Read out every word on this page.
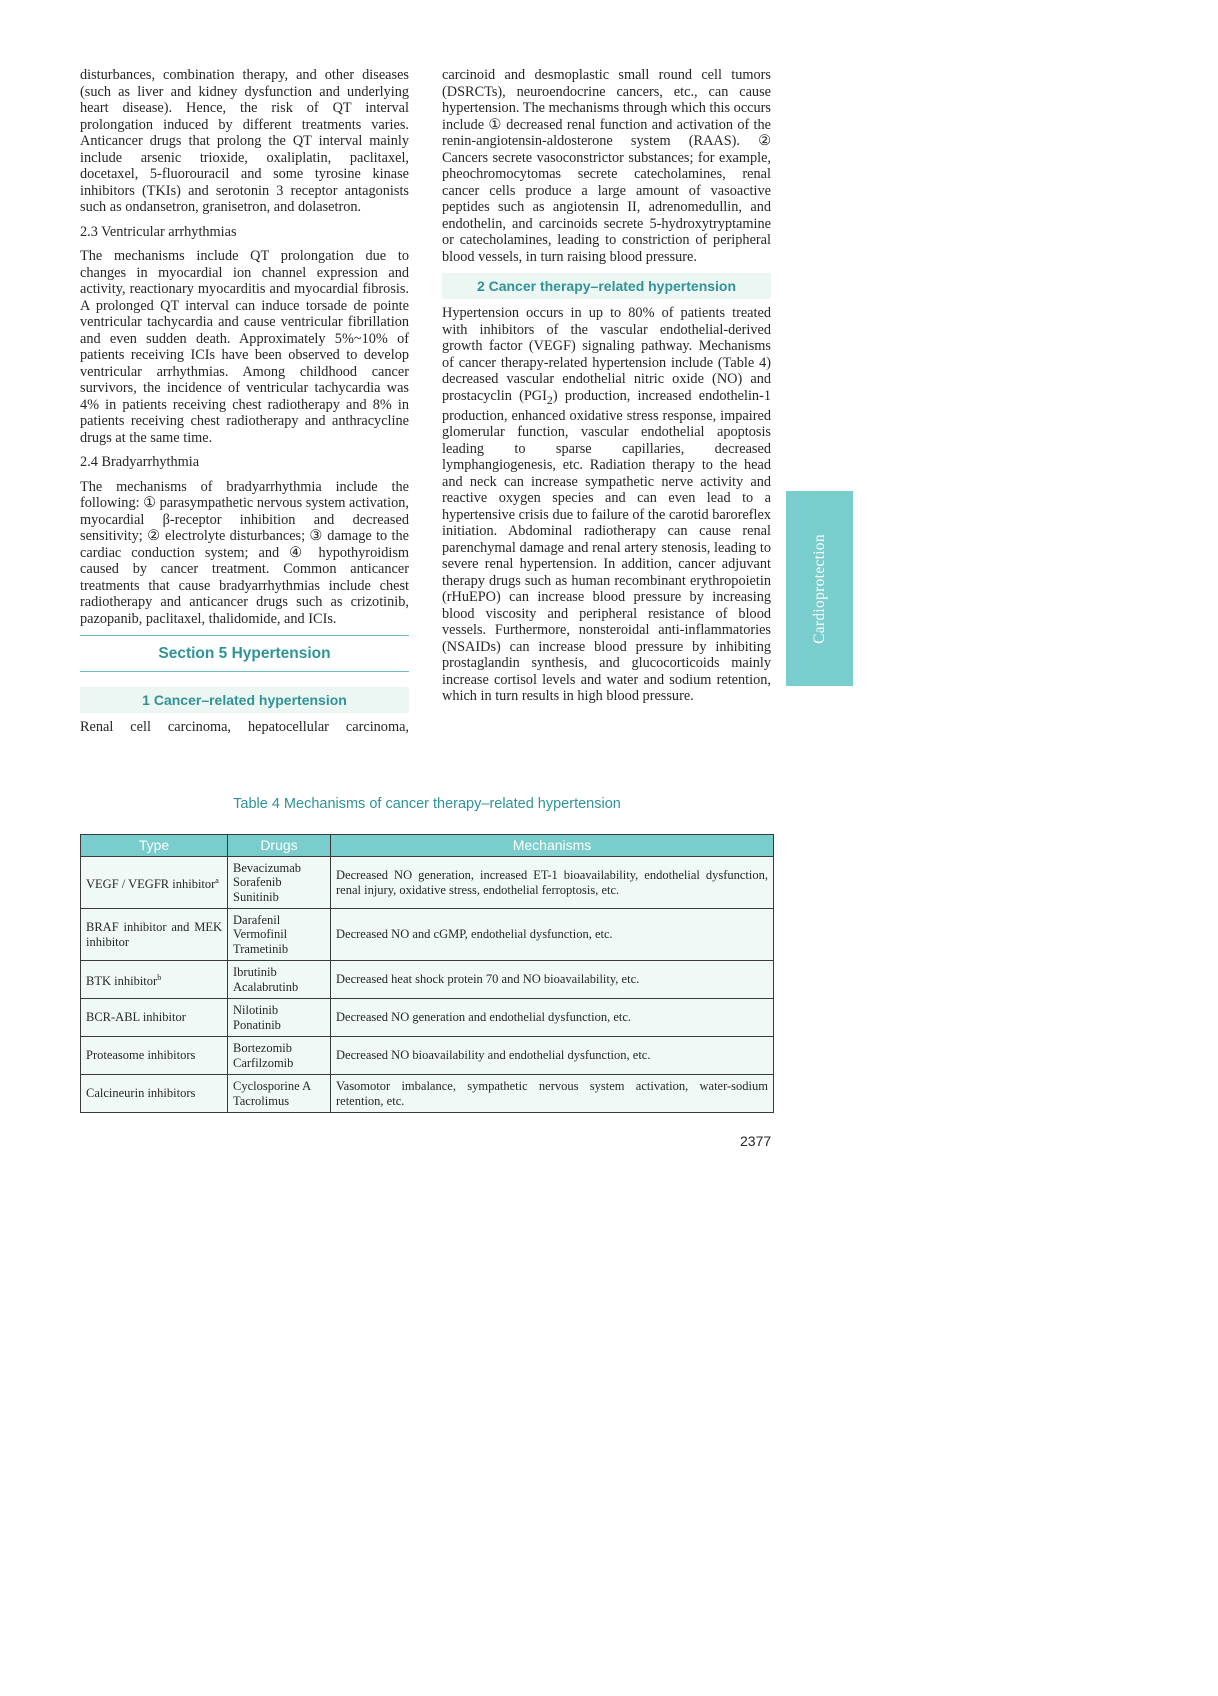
disturbances, combination therapy, and other diseases (such as liver and kidney dysfunction and underlying heart disease). Hence, the risk of QT interval prolongation induced by different treatments varies. Anticancer drugs that prolong the QT interval mainly include arsenic trioxide, oxaliplatin, paclitaxel, docetaxel, 5-fluorouracil and some tyrosine kinase inhibitors (TKIs) and serotonin 3 receptor antagonists such as ondansetron, granisetron, and dolasetron.

2.3 Ventricular arrhythmias

The mechanisms include QT prolongation due to changes in myocardial ion channel expression and activity, reactionary myocarditis and myocardial fibrosis. A prolonged QT interval can induce torsade de pointe ventricular tachycardia and cause ventricular fibrillation and even sudden death. Approximately 5%~10% of patients receiving ICIs have been observed to develop ventricular arrhythmias. Among childhood cancer survivors, the incidence of ventricular tachycardia was 4% in patients receiving chest radiotherapy and 8% in patients receiving chest radiotherapy and anthracycline drugs at the same time.

2.4 Bradyarrhythmia

The mechanisms of bradyarrhythmia include the following: ① parasympathetic nervous system activation, myocardial β-receptor inhibition and decreased sensitivity; ② electrolyte disturbances; ③ damage to the cardiac conduction system; and ④ hypothyroidism caused by cancer treatment. Common anticancer treatments that cause bradyarrhythmias include chest radiotherapy and anticancer drugs such as crizotinib, pazopanib, paclitaxel, thalidomide, and ICIs.

Section 5 Hypertension
1 Cancer–related hypertension

Renal cell carcinoma, hepatocellular carcinoma,

carcinoid and desmoplastic small round cell tumors (DSRCTs), neuroendocrine cancers, etc., can cause hypertension. The mechanisms through which this occurs include ① decreased renal function and activation of the renin-angiotensin-aldosterone system (RAAS). ② Cancers secrete vasoconstrictor substances; for example, pheochromocytomas secrete catecholamines, renal cancer cells produce a large amount of vasoactive peptides such as angiotensin II, adrenomedullin, and endothelin, and carcinoids secrete 5-hydroxytryptamine or catecholamines, leading to constriction of peripheral blood vessels, in turn raising blood pressure.

2 Cancer therapy–related hypertension

Hypertension occurs in up to 80% of patients treated with inhibitors of the vascular endothelial-derived growth factor (VEGF) signaling pathway. Mechanisms of cancer therapy-related hypertension include (Table 4) decreased vascular endothelial nitric oxide (NO) and prostacyclin $(PGI_2)$ production, increased endothelin-1 production, enhanced oxidative stress response, impaired glomerular function, vascular endothelial apoptosis leading to sparse capillaries, decreased lymphangiogenesis, etc. Radiation therapy to the head and neck can increase sympathetic nerve activity and reactive oxygen species and can even lead to a hypertensive crisis due to failure of the carotid baroreflex initiation. Abdominal radiotherapy can cause renal parenchymal damage and renal artery stenosis, leading to severe renal hypertension. In addition, cancer adjuvant therapy drugs such as human recombinant erythropoietin (rHuEPO) can increase blood pressure by increasing blood viscosity and peripheral resistance of blood vessels. Furthermore, nonsteroidal anti-inflammatories (NSAIDs) can increase blood pressure by inhibiting prostaglandin synthesis, and glucocorticoids mainly increase cortisol levels and water and sodium retention, which in turn results in high blood pressure.

Cardioprotection
Table 4 Mechanisms of cancer therapy–related hypertension
Type	Drugs	Mechanisms
VEGF / VEGFR inhibitor$^a$	Bevacizumab
Sorafenib
Sunitinib	Decreased NO generation, increased ET-1 bioavailability, endothelial dysfunction, renal injury, oxidative stress, endothelial ferroptosis, etc.
BRAF inhibitor and MEK inhibitor	Darafenil
Vermofinil
Trametinib	Decreased NO and cGMP, endothelial dysfunction, etc.
BTK inhibitor$^b$	Ibrutinib
Acalabrutinb	Decreased heat shock protein 70 and NO bioavailability, etc.
BCR-ABL inhibitor	Nilotinib
Ponatinib	Decreased NO generation and endothelial dysfunction, etc.
Proteasome inhibitors	Bortezomib
Carfilzomib	Decreased NO bioavailability and endothelial dysfunction, etc.
Calcineurin inhibitors	Cyclosporine A
Tacrolimus	Vasomotor imbalance, sympathetic nervous system activation, water-sodium retention, etc.
2377
